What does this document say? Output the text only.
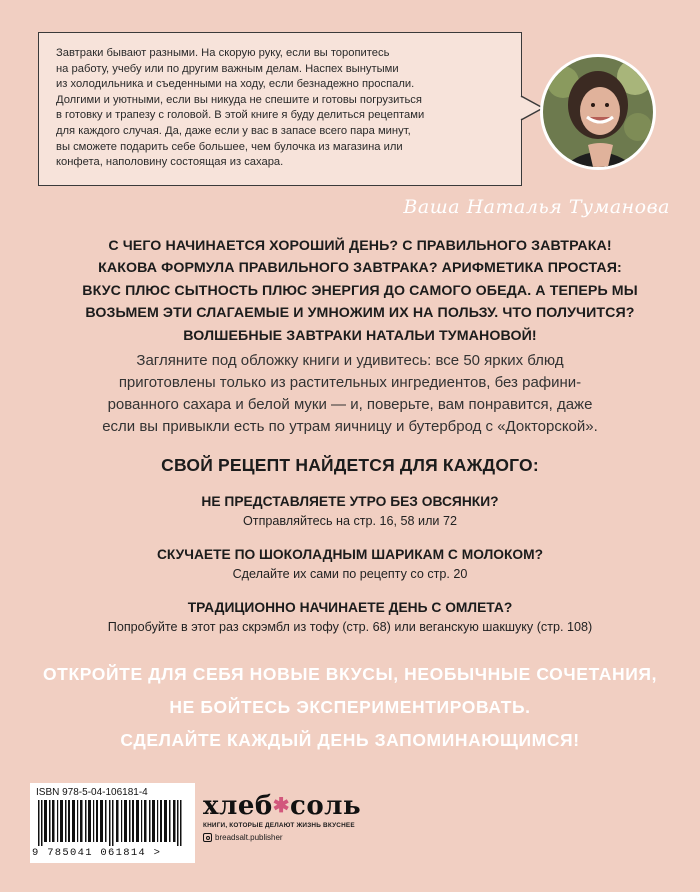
Завтраки бывают разными. На скорую руку, если вы торопитесь
на работу, учебу или по другим важным делам. Наспех вынутыми
из холодильника и съеденными на ходу, если безнадежно проспали.
Долгими и уютными, если вы никуда не спешите и готовы погрузиться
в готовку и трапезу с головой. В этой книге я буду делиться рецептами
для каждого случая. Да, даже если у вас в запасе всего пара минут,
вы сможете подарить себе большее, чем булочка из магазина или
конфета, наполовину состоящая из сахара.
Ваша Наталья Туманова
С ЧЕГО НАЧИНАЕТСЯ ХОРОШИЙ ДЕНЬ? С ПРАВИЛЬНОГО ЗАВТРАКА!
КАКОВА ФОРМУЛА ПРАВИЛЬНОГО ЗАВТРАКА? АРИФМЕТИКА ПРОСТАЯ:
ВКУС ПЛЮС СЫТНОСТЬ ПЛЮС ЭНЕРГИЯ ДО САМОГО ОБЕДА. А ТЕПЕРЬ МЫ
ВОЗЬМЕМ ЭТИ СЛАГАЕМЫЕ И УМНОЖИМ ИХ НА ПОЛЬЗУ. ЧТО ПОЛУЧИТСЯ?
ВОЛШЕБНЫЕ ЗАВТРАКИ НАТАЛЬИ ТУМАНОВОЙ!
Загляните под обложку книги и удивитесь: все 50 ярких блюд
приготовлены только из растительных ингредиентов, без рафини-
рованного сахара и белой муки — и, поверьте, вам понравится, даже
если вы привыкли есть по утрам яичницу и бутерброд с «Докторской».
СВОЙ РЕЦЕПТ НАЙДЕТСЯ ДЛЯ КАЖДОГО:
НЕ ПРЕДСТАВЛЯЕТЕ УТРО БЕЗ ОВСЯНКИ?
Отправляйтесь на стр. 16, 58 или 72
СКУЧАЕТЕ ПО ШОКОЛАДНЫМ ШАРИКАМ С МОЛОКОМ?
Сделайте их сами по рецепту со стр. 20
ТРАДИЦИОННО НАЧИНАЕТЕ ДЕНЬ С ОМЛЕТА?
Попробуйте в этот раз скрэмбл из тофу (стр. 68) или веганскую шакшуку (стр. 108)
ОТКРОЙТЕ ДЛЯ СЕБЯ НОВЫЕ ВКУСЫ, НЕОБЫЧНЫЕ СОЧЕТАНИЯ,
НЕ БОЙТЕСЬ ЭКСПЕРИМЕНТИРОВАТЬ.
СДЕЛАЙТЕ КАЖДЫЙ ДЕНЬ ЗАПОМИНАЮЩИМСЯ!
ISBN 978-5-04-106181-4
9 785041 061814 >
хлеб✱соль
КНИГИ, КОТОРЫЕ ДЕЛАЮТ ЖИЗНЬ ВКУСНЕЕ
breadsalt.publisher
